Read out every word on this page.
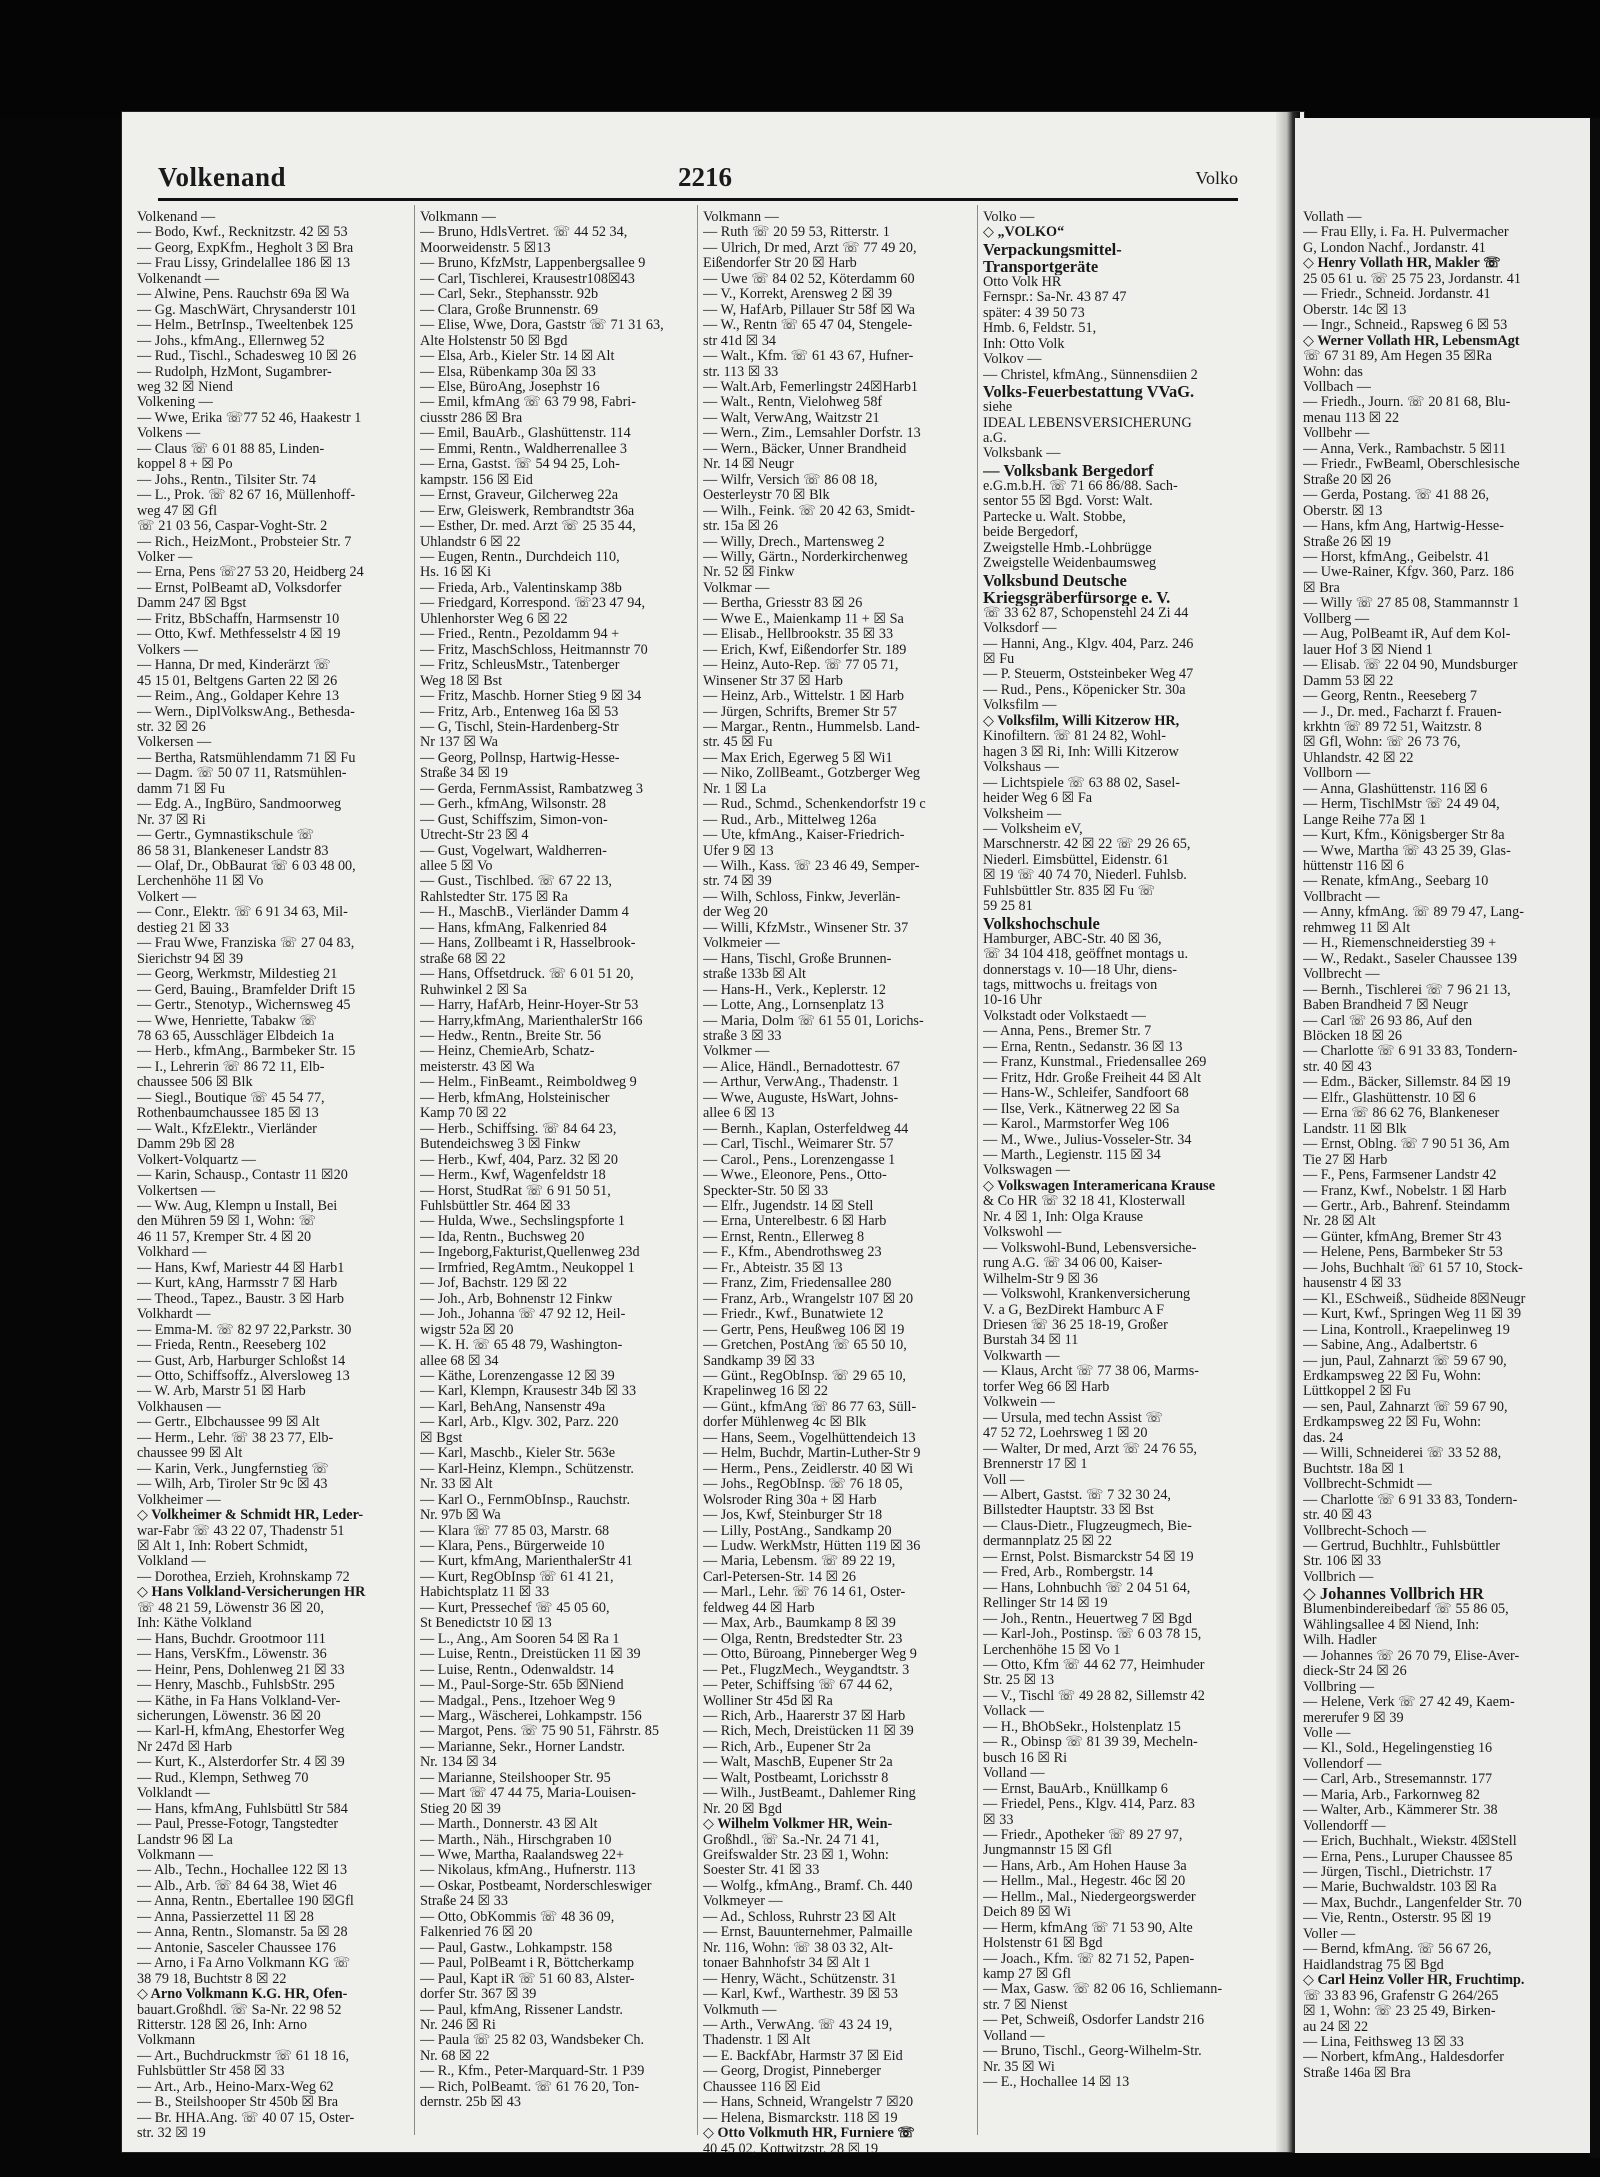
Volkenand	2216	Volko
Volkenand —
— Bodo, Kwf., Recknitzstr. 42 ☒ 53
— Georg, ExpKfm., Hegholt 3 ☒ Bra
— Frau Lissy, Grindelallee 186 ☒ 13
Volkenandt —
— Alwine, Pens. Rauchstr 69a ☒ Wa
— Gg. MaschWärt, Chrysanderstr 101
— Helm., BetrInsp., Tweeltenbek 125
— Johs., kfmAng., Ellernweg 52
— Rud., Tischl., Schadesweg 10 ☒ 26
— Rudolph, HzMont, Sugambrer-
weg 32 ☒ Niend
Volkening —
— Wwe, Erika ☏77 52 46, Haakestr 1
Volkens —
— Claus ☏ 6 01 88 85, Linden-
koppel 8 + ☒ Po
— Johs., Rentn., Tilsiter Str. 74
— L., Prok. ☏ 82 67 16, Müllenhoff-
weg 47 ☒ Gfl
☏ 21 03 56, Caspar-Voght-Str. 2
— Rich., HeizMont., Probsteier Str. 7
Volker —
— Erna, Pens ☏27 53 20, Heidberg 24
— Ernst, PolBeamt aD, Volksdorfer
Damm 247 ☒ Bgst
— Fritz, BbSchaffn, Harmsenstr 10
— Otto, Kwf. Methfesselstr 4 ☒ 19
Volkers —
— Hanna, Dr med, Kinderärzt ☏
45 15 01, Beltgens Garten 22 ☒ 26
— Reim., Ang., Goldaper Kehre 13
— Wern., DiplVolkswAng., Bethesda-
str. 32 ☒ 26
Volkersen —
— Bertha, Ratsmühlendamm 71 ☒ Fu
— Dagm. ☏ 50 07 11, Ratsmühlen-
damm 71 ☒ Fu
— Edg. A., IngBüro, Sandmoorweg
Nr. 37 ☒ Ri
— Gertr., Gymnastikschule ☏
86 58 31, Blankeneser Landstr 83
— Olaf, Dr., ObBaurat ☏ 6 03 48 00,
Lerchenhöhe 11 ☒ Vo
Volkert —
— Conr., Elektr. ☏ 6 91 34 63, Mil-
destieg 21 ☒ 33
— Frau Wwe, Franziska ☏ 27 04 83,
Sierichstr 94 ☒ 39
— Georg, Werkmstr, Mildestieg 21
— Gerd, Bauing., Bramfelder Drift 15
— Gertr., Stenotyp., Wichernsweg 45
— Wwe, Henriette, Tabakw ☏
78 63 65, Ausschläger Elbdeich 1a
— Herb., kfmAng., Barmbeker Str. 15
— I., Lehrerin ☏ 86 72 11, Elb-
chaussee 506 ☒ Blk
— Siegl., Boutique ☏ 45 54 77,
Rothenbaumchaussee 185 ☒ 13
— Walt., KfzElektr., Vierländer
Damm 29b ☒ 28
Volkert-Volquartz —
— Karin, Schausp., Contastr 11 ☒20
Volkertsen —
— Ww. Aug, Klempn u Install, Bei
den Mühren 59 ☒ 1, Wohn: ☏
46 11 57, Kremper Str. 4 ☒ 20
Volkhard —
— Hans, Kwf, Mariestr 44 ☒ Harb1
— Kurt, kAng, Harmsstr 7 ☒ Harb
— Theod., Tapez., Baustr. 3 ☒ Harb
Volkhardt —
— Emma-M. ☏ 82 97 22,Parkstr. 30
— Frieda, Rentn., Reeseberg 102
— Gust, Arb, Harburger Schloßst 14
— Otto, Schiffsoffz., Alversloweg 13
— W. Arb, Marstr 51 ☒ Harb
Volkhausen —
— Gertr., Elbchaussee 99 ☒ Alt
— Herm., Lehr. ☏ 38 23 77, Elb-
chaussee 99 ☒ Alt
— Karin, Verk., Jungfernstieg ☏
— Wilh, Arb, Tiroler Str 9c ☒ 43
Volkheimer —
◇ Volkheimer & Schmidt HR, Leder-
war-Fabr ☏ 43 22 07, Thadenstr 51
☒ Alt 1, Inh: Robert Schmidt,
Volkland —
— Dorothea, Erzieh, Krohnskamp 72
◇ Hans Volkland-Versicherungen HR
☏ 48 21 59, Löwenstr 36 ☒ 20,
Inh: Käthe Volkland
— Hans, Buchdr. Grootmoor 111
— Hans, VersKfm., Löwenstr. 36
— Heinr, Pens, Dohlenweg 21 ☒ 33
— Henry, Maschb., FuhlsbStr. 295
— Käthe, in Fa Hans Volkland-Ver-
sicherungen, Löwenstr. 36 ☒ 20
— Karl-H, kfmAng, Ehestorfer Weg
Nr 247d ☒ Harb
— Kurt, K., Alsterdorfer Str. 4 ☒ 39
— Rud., Klempn, Sethweg 70
Volklandt —
— Hans, kfmAng, Fuhlsbüttl Str 584
— Paul, Presse-Fotogr, Tangstedter
Landstr 96 ☒ La
Volkmann —
— Alb., Techn., Hochallee 122 ☒ 13
— Alb., Arb. ☏ 84 64 38, Wiet 46
— Anna, Rentn., Ebertallee 190 ☒Gfl
— Anna, Passierzettel 11 ☒ 28
— Anna, Rentn., Slomanstr. 5a ☒ 28
— Antonie, Sasceler Chaussee 176
— Arno, i Fa Arno Volkmann KG ☏
38 79 18, Buchtstr 8 ☒ 22
◇ Arno Volkmann K.G. HR, Ofen-
bauart.Großhdl. ☏ Sa-Nr. 22 98 52
Ritterstr. 128 ☒ 26, Inh: Arno
Volkmann
— Art., Buchdruckmstr ☏ 61 18 16,
Fuhlsbüttler Str 458 ☒ 33
— Art., Arb., Heino-Marx-Weg 62
— B., Steilshooper Str 450b ☒ Bra
— Br. HHA.Ang. ☏ 40 07 15, Oster-
str. 32 ☒ 19
Volkmann —
— Bruno, HdlsVertret. ☏ 44 52 34,
Moorweidenstr. 5 ☒13
— Bruno, KfzMstr, Lappenbergsallee 9
— Carl, Tischlerei, Krausestr108☒43
— Carl, Sekr., Stephansstr. 92b
— Clara, Große Brunnenstr. 69
— Elise, Wwe, Dora, Gaststr ☏ 71 31 63,
Alte Holstenstr 50 ☒ Bgd
— Elsa, Arb., Kieler Str. 14 ☒ Alt
— Elsa, Rübenkamp 30a ☒ 33
— Else, BüroAng, Josephstr 16
— Emil, kfmAng ☏ 63 79 98, Fabri-
ciusstr 286 ☒ Bra
— Emil, BauArb., Glashüttenstr. 114
— Emmi, Rentn., Waldherrenallee 3
— Erna, Gastst. ☏ 54 94 25, Loh-
kampstr. 156 ☒ Eid
— Ernst, Graveur, Gilcherweg 22a
— Erw, Gleiswerk, Rembrandtstr 36a
— Esther, Dr. med. Arzt ☏ 25 35 44,
Uhlandstr 6 ☒ 22
— Eugen, Rentn., Durchdeich 110,
Hs. 16 ☒ Ki
— Frieda, Arb., Valentinskamp 38b
— Friedgard, Korrespond. ☏23 47 94,
Uhlenhorster Weg 6 ☒ 22
— Fried., Rentn., Pezoldamm 94 +
— Fritz, MaschSchloss, Heitmannstr 70
— Fritz, SchleusMstr., Tatenberger
Weg 18 ☒ Bst
— Fritz, Maschb. Horner Stieg 9 ☒ 34
— Fritz, Arb., Entenweg 16a ☒ 53
— G, Tischl, Stein-Hardenberg-Str
Nr 137 ☒ Wa
— Georg, Pollnsp, Hartwig-Hesse-
Straße 34 ☒ 19
— Gerda, FernmAssist, Rambatzweg 3
— Gerh., kfmAng, Wilsonstr. 28
— Gust, Schiffszim, Simon-von-
Utrecht-Str 23 ☒ 4
— Gust, Vogelwart, Waldherren-
allee 5 ☒ Vo
— Gust., Tischlbed. ☏ 67 22 13,
Rahlstedter Str. 175 ☒ Ra
— H., MaschB., Vierländer Damm 4
— Hans, kfmAng, Falkenried 84
— Hans, Zollbeamt i R, Hasselbrook-
straße 68 ☒ 22
— Hans, Offsetdruck. ☏ 6 01 51 20,
Ruhwinkel 2 ☒ Sa
— Harry, HafArb, Heinr-Hoyer-Str 53
— Harry,kfmAng, MarienthalerStr 166
— Hedw., Rentn., Breite Str. 56
— Heinz, ChemieArb, Schatz-
meisterstr. 43 ☒ Wa
— Helm., FinBeamt., Reimboldweg 9
— Herb, kfmAng, Holsteinischer
Kamp 70 ☒ 22
— Herb., Schiffsing. ☏ 84 64 23,
Butendeichsweg 3 ☒ Finkw
— Herb., Kwf, 404, Parz. 32 ☒ 20
— Herm., Kwf, Wagenfeldstr 18
— Horst, StudRat ☏ 6 91 50 51,
Fuhlsbüttler Str. 464 ☒ 33
— Hulda, Wwe., Sechslingspforte 1
— Ida, Rentn., Buchsweg 20
— Ingeborg,Fakturist,Quellenweg 23d
— Irmfried, RegAmtm., Neukoppel 1
— Jof, Bachstr. 129 ☒ 22
— Joh., Arb, Bohnenstr 12 Finkw
— Joh., Johanna ☏ 47 92 12, Heil-
wigstr 52a ☒ 20
— K. H. ☏ 65 48 79, Washington-
allee 68 ☒ 34
— Käthe, Lorenzengasse 12 ☒ 39
— Karl, Klempn, Krausestr 34b ☒ 33
— Karl, BehAng, Nansenstr 49a
— Karl, Arb., Klgv. 302, Parz. 220
☒ Bgst
— Karl, Maschb., Kieler Str. 563e
— Karl-Heinz, Klempn., Schützenstr.
Nr. 33 ☒ Alt
— Karl O., FernmObInsp., Rauchstr.
Nr. 97b ☒ Wa
— Klara ☏ 77 85 03, Marstr. 68
— Klara, Pens., Bürgerweide 10
— Kurt, kfmAng, MarienthalerStr 41
— Kurt, RegObInsp ☏ 61 41 21,
Habichtsplatz 11 ☒ 33
— Kurt, Pressechef ☏ 45 05 60,
St Benedictstr 10 ☒ 13
— L., Ang., Am Sooren 54 ☒ Ra 1
— Luise, Rentn., Dreistücken 11 ☒ 39
— Luise, Rentn., Odenwaldstr. 14
— M., Paul-Sorge-Str. 65b ☒Niend
— Madgal., Pens., Itzehoer Weg 9
— Marg., Wäscherei, Lohkampstr. 156
— Margot, Pens. ☏ 75 90 51, Fährstr. 85
— Marianne, Sekr., Horner Landstr.
Nr. 134 ☒ 34
— Marianne, Steilshooper Str. 95
— Mart ☏ 47 44 75, Maria-Louisen-
Stieg 20 ☒ 39
— Marth., Donnerstr. 43 ☒ Alt
— Marth., Näh., Hirschgraben 10
— Wwe, Martha, Raalandsweg 22+
— Nikolaus, kfmAng., Hufnerstr. 113
— Oskar, Postbeamt, Norderschleswiger
Straße 24 ☒ 33
— Otto, ObKommis ☏ 48 36 09,
Falkenried 76 ☒ 20
— Paul, Gastw., Lohkampstr. 158
— Paul, PolBeamt i R, Böttcherkamp
— Paul, Kapt iR ☏ 51 60 83, Alster-
dorfer Str. 367 ☒ 39
— Paul, kfmAng, Rissener Landstr.
Nr. 246 ☒ Ri
— Paula ☏ 25 82 03, Wandsbeker Ch.
Nr. 68 ☒ 22
— R., Kfm., Peter-Marquard-Str. 1 P39
— Rich, PolBeamt. ☏ 61 76 20, Ton-
dernstr. 25b ☒ 43
Volkmann —
— Ruth ☏ 20 59 53, Ritterstr. 1
— Ulrich, Dr med, Arzt ☏ 77 49 20,
Eißendorfer Str 20 ☒ Harb
— Uwe ☏ 84 02 52, Köterdamm 60
— V., Korrekt, Arensweg 2 ☒ 39
— W, HafArb, Pillauer Str 58f ☒ Wa
— W., Rentn ☏ 65 47 04, Stengele-
str 41d ☒ 34
— Walt., Kfm. ☏ 61 43 67, Hufner-
str. 113 ☒ 33
— Walt.Arb, Femerlingstr 24☒Harb1
— Walt., Rentn, Vielohweg 58f
— Walt, VerwAng, Waitzstr 21
— Wern., Zim., Lemsahler Dorfstr. 13
— Wern., Bäcker, Unner Brandheid
Nr. 14 ☒ Neugr
— Wilfr, Versich ☏ 86 08 18,
Oesterleystr 70 ☒ Blk
— Wilh., Feink. ☏ 20 42 63, Smidt-
str. 15a ☒ 26
— Willy, Drech., Martensweg 2
— Willy, Gärtn., Norderkirchenweg
Nr. 52 ☒ Finkw
Volkmar —
— Bertha, Griesstr 83 ☒ 26
— Wwe E., Maienkamp 11 + ☒ Sa
— Elisab., Hellbrookstr. 35 ☒ 33
— Erich, Kwf, Eißendorfer Str. 189
— Heinz, Auto-Rep. ☏ 77 05 71,
Winsener Str 37 ☒ Harb
— Heinz, Arb., Wittelstr. 1 ☒ Harb
— Jürgen, Schrifts, Bremer Str 57
— Margar., Rentn., Hummelsb. Land-
str. 45 ☒ Fu
— Max Erich, Egerweg 5 ☒ Wi1
— Niko, ZollBeamt., Gotzberger Weg
Nr. 1 ☒ La
— Rud., Schmd., Schenkendorfstr 19 c
— Rud., Arb., Mittelweg 126a
— Ute, kfmAng., Kaiser-Friedrich-
Ufer 9 ☒ 13
— Wilh., Kass. ☏ 23 46 49, Semper-
str. 74 ☒ 39
— Wilh, Schloss, Finkw, Jeverlän-
der Weg 20
— Willi, KfzMstr., Winsener Str. 37
Volkmeier —
— Hans, Tischl, Große Brunnen-
straße 133b ☒ Alt
— Hans-H., Verk., Keplerstr. 12
— Lotte, Ang., Lornsenplatz 13
— Maria, Dolm ☏ 61 55 01, Lorichs-
straße 3 ☒ 33
Volkmer —
— Alice, Händl., Bernadottestr. 67
— Arthur, VerwAng., Thadenstr. 1
— Wwe, Auguste, HsWart, Johns-
allee 6 ☒ 13
— Bernh., Kaplan, Osterfeldweg 44
— Carl, Tischl., Weimarer Str. 57
— Carol., Pens., Lorenzengasse 1
— Wwe., Eleonore, Pens., Otto-
Speckter-Str. 50 ☒ 33
— Elfr., Jugendstr. 14 ☒ Stell
— Erna, Unterelbestr. 6 ☒ Harb
— Ernst, Rentn., Ellerweg 8
— F., Kfm., Abendrothsweg 23
— Fr., Abteistr. 35 ☒ 13
— Franz, Zim, Friedensallee 280
— Franz, Arb., Wrangelstr 107 ☒ 20
— Friedr., Kwf., Bunatwiete 12
— Gertr, Pens, Heußweg 106 ☒ 19
— Gretchen, PostAng ☏ 65 50 10,
Sandkamp 39 ☒ 33
— Günt., RegObInsp. ☏ 29 65 10,
Krapelinweg 16 ☒ 22
— Günt., kfmAng ☏ 86 77 63, Süll-
dorfer Mühlenweg 4c ☒ Blk
— Hans, Seem., Vogelhüttendeich 13
— Helm, Buchdr, Martin-Luther-Str 9
— Herm., Pens., Zeidlerstr. 40 ☒ Wi
— Johs., RegObInsp. ☏ 76 18 05,
Wolsroder Ring 30a + ☒ Harb
— Jos, Kwf, Steinburger Str 18
— Lilly, PostAng., Sandkamp 20
— Ludw. WerkMstr, Hütten 119 ☒ 36
— Maria, Lebensm. ☏ 89 22 19,
Carl-Petersen-Str. 14 ☒ 26
— Marl., Lehr. ☏ 76 14 61, Oster-
feldweg 44 ☒ Harb
— Max, Arb., Baumkamp 8 ☒ 39
— Olga, Rentn, Bredstedter Str. 23
— Otto, Büroang, Pinneberger Weg 9
— Pet., FlugzMech., Weygandtstr. 3
— Peter, Schiffsing ☏ 67 44 62,
Wolliner Str 45d ☒ Ra
— Rich, Arb., Haarerstr 37 ☒ Harb
— Rich, Mech, Dreistücken 11 ☒ 39
— Rich, Arb., Eupener Str 2a
— Walt, MaschB, Eupener Str 2a
— Walt, Postbeamt, Lorichsstr 8
— Wilh., JustBeamt., Dahlemer Ring
Nr. 20 ☒ Bgd
◇ Wilhelm Volkmer HR, Wein-
Großhdl., ☏ Sa.-Nr. 24 71 41,
Greifswalder Str. 23 ☒ 1, Wohn:
Soester Str. 41 ☒ 33
— Wolfg., kfmAng., Bramf. Ch. 440
Volkmeyer —
— Ad., Schloss, Ruhrstr 23 ☒ Alt
— Ernst, Bauunternehmer, Palmaille
Nr. 116, Wohn: ☏ 38 03 32, Alt-
tonaer Bahnhofstr 34 ☒ Alt 1
— Henry, Wächt., Schützenstr. 31
— Karl, Kwf., Warthestr. 39 ☒ 53
Volkmuth —
— Arth., VerwAng. ☏ 43 24 19,
Thadenstr. 1 ☒ Alt
— E. BackfAbr, Harmstr 37 ☒ Eid
— Georg, Drogist, Pinneberger
Chaussee 116 ☒ Eid
— Hans, Schneid, Wrangelstr 7 ☒20
— Helena, Bismarckstr. 118 ☒ 19
◇ Otto Volkmuth HR, Furniere ☏
40 45 02, Kottwitzstr. 28 ☒ 19
Volko —
◇ „VOLKO“
Verpackungsmittel-
Transportgeräte
Otto Volk HR
Fernspr.: Sa-Nr. 43 87 47
später: 4 39 50 73
Hmb. 6, Feldstr. 51,
Inh: Otto Volk
Volkov —
— Christel, kfmAng., Sünnensdiien 2
Volks-Feuerbestattung VVaG.
siehe
IDEAL LEBENSVERSICHERUNG
a.G.
Volksbank —
— Volksbank Bergedorf
e.G.m.b.H. ☏ 71 66 86/88. Sach-
sentor 55 ☒ Bgd. Vorst: Walt.
Partecke u. Walt. Stobbe,
beide Bergedorf,
Zweigstelle Hmb.-Lohbrügge
Zweigstelle Weidenbaumsweg
Volksbund Deutsche
Kriegsgräberfürsorge e. V.
☏ 33 62 87, Schopenstehl 24 Zi 44
Volksdorf —
— Hanni, Ang., Klgv. 404, Parz. 246
☒ Fu
— P. Steuerm, Oststeinbeker Weg 47
— Rud., Pens., Köpenicker Str. 30a
Volksfilm —
◇ Volksfilm, Willi Kitzerow HR,
Kinofiltern. ☏ 81 24 82, Wohl-
hagen 3 ☒ Ri, Inh: Willi Kitzerow
Volkshaus —
— Lichtspiele ☏ 63 88 02, Sasel-
heider Weg 6 ☒ Fa
Volksheim —
— Volksheim eV,
Marschnerstr. 42 ☒ 22 ☏ 29 26 65,
Niederl. Eimsbüttel, Eidenstr. 61
☒ 19 ☏ 40 74 70, Niederl. Fuhlsb.
Fuhlsbüttler Str. 835 ☒ Fu ☏
59 25 81
Volkshochschule
Hamburger, ABC-Str. 40 ☒ 36,
☏ 34 104 418, geöffnet montags u.
donnerstags v. 10—18 Uhr, diens-
tags, mittwochs u. freitags von
10-16 Uhr
Volkstadt oder Volkstaedt —
— Anna, Pens., Bremer Str. 7
— Erna, Rentn., Sedanstr. 36 ☒ 13
— Franz, Kunstmal., Friedensallee 269
— Fritz, Hdr. Große Freiheit 44 ☒ Alt
— Hans-W., Schleifer, Sandfoort 68
— Ilse, Verk., Kätnerweg 22 ☒ Sa
— Karol., Marmstorfer Weg 106
— M., Wwe., Julius-Vosseler-Str. 34
— Marth., Legienstr. 115 ☒ 34
Volkswagen —
◇ Volkswagen Interamericana Krause
& Co HR ☏ 32 18 41, Klosterwall
Nr. 4 ☒ 1, Inh: Olga Krause
Volkswohl —
— Volkswohl-Bund, Lebensversiche-
rung A.G. ☏ 34 06 00, Kaiser-
Wilhelm-Str 9 ☒ 36
— Volkswohl, Krankenversicherung
V. a G, BezDirekt Hambuɾc A F
Driesen ☏ 36 25 18-19, Großer
Burstah 34 ☒ 11
Volkwarth —
— Klaus, Archt ☏ 77 38 06, Marms-
torfer Weg 66 ☒ Harb
Volkwein —
— Ursula, med techn Assist ☏
47 52 72, Loehrsweg 1 ☒ 20
— Walter, Dr med, Arzt ☏ 24 76 55,
Brennerstr 17 ☒ 1
Voll —
— Albert, Gastst. ☏ 7 32 30 24,
Billstedter Hauptstr. 33 ☒ Bst
— Claus-Dietr., Flugzeugmech, Bie-
dermannplatz 25 ☒ 22
— Ernst, Polst. Bismarckstr 54 ☒ 19
— Fred, Arb., Rombergstr. 14
— Hans, Lohnbuchh ☏ 2 04 51 64,
Rellinger Str 14 ☒ 19
— Joh., Rentn., Heuertweg 7 ☒ Bgd
— Karl-Joh., Postinsp. ☏ 6 03 78 15,
Lerchenhöhe 15 ☒ Vo 1
— Otto, Kfm ☏ 44 62 77, Heimhuder
Str. 25 ☒ 13
— V., Tischl ☏ 49 28 82, Sillemstr 42
Vollack —
— H., BhObSekr., Holstenplatz 15
— R., Obinsp ☏ 81 39 39, Mecheln-
busch 16 ☒ Ri
Volland —
— Ernst, BauArb., Knüllkamp 6
— Friedel, Pens., Klgv. 414, Parz. 83
☒ 33
— Friedr., Apotheker ☏ 89 27 97,
Jungmannstr 15 ☒ Gfl
— Hans, Arb., Am Hohen Hause 3a
— Hellm., Mal., Hegestr. 46c ☒ 20
— Hellm., Mal., Niedergeorgswerder
Deich 89 ☒ Wi
— Herm, kfmAng ☏ 71 53 90, Alte
Holstenstr 61 ☒ Bgd
— Joach., Kfm. ☏ 82 71 52, Papen-
kamp 27 ☒ Gfl
— Max, Gasw. ☏ 82 06 16, Schliemann-
str. 7 ☒ Nienst
— Pet, Schweiß, Osdorfer Landstr 216
Volland —
— Bruno, Tischl., Georg-Wilhelm-Str.
Nr. 35 ☒ Wi
— E., Hochallee 14 ☒ 13
Vollath —
— Frau Elly, i. Fa. H. Pulvermacher
G, London Nachf., Jordanstr. 41
◇ Henry Vollath HR, Makler ☏
25 05 61 u. ☏ 25 75 23, Jordanstr. 41
— Friedr., Schneid. Jordanstr. 41
Oberstr. 14c ☒ 13
— Ingr., Schneid., Rapsweg 6 ☒ 53
◇ Werner Vollath HR, LebensmAgt
☏ 67 31 89, Am Hegen 35 ☒Ra
Wohn: das
Vollbach —
— Friedh., Journ. ☏ 20 81 68, Blu-
menau 113 ☒ 22
Vollbehr —
— Anna, Verk., Rambachstr. 5 ☒11
— Friedr., FwBeaml, Oberschlesische
Straße 20 ☒ 26
— Gerda, Postang. ☏ 41 88 26,
Oberstr. ☒ 13
— Hans, kfm Ang, Hartwig-Hesse-
Straße 26 ☒ 19
— Horst, kfmAng., Geibelstr. 41
— Uwe-Rainer, Kfgv. 360, Parz. 186
☒ Bra
— Willy ☏ 27 85 08, Stammannstr 1
Vollberg —
— Aug, PolBeamt iR, Auf dem Kol-
lauer Hof 3 ☒ Niend 1
— Elisab. ☏ 22 04 90, Mundsburger
Damm 53 ☒ 22
— Georg, Rentn., Reeseberg 7
— J., Dr. med., Facharzt f. Frauen-
krkhtn ☏ 89 72 51, Waitzstr. 8
☒ Gfl, Wohn: ☏ 26 73 76,
Uhlandstr. 42 ☒ 22
Vollborn —
— Anna, Glashüttenstr. 116 ☒ 6
— Herm, TischlMstr ☏ 24 49 04,
Lange Reihe 77a ☒ 1
— Kurt, Kfm., Königsberger Str 8a
— Wwe, Martha ☏ 43 25 39, Glas-
hüttenstr 116 ☒ 6
— Renate, kfmAng., Seebarg 10
Vollbracht —
— Anny, kfmAng. ☏ 89 79 47, Lang-
rehmweg 11 ☒ Alt
— H., Riemenschneiderstieg 39 +
— W., Redakt., Saseler Chaussee 139
Vollbrecht —
— Bernh., Tischlerei ☏ 7 96 21 13,
Baben Brandheid 7 ☒ Neugr
— Carl ☏ 26 93 86, Auf den
Blöcken 18 ☒ 26
— Charlotte ☏ 6 91 33 83, Tondern-
str. 40 ☒ 43
— Edm., Bäcker, Sillemstr. 84 ☒ 19
— Elfr., Glashüttenstr. 10 ☒ 6
— Erna ☏ 86 62 76, Blankeneser
Landstr. 11 ☒ Blk
— Ernst, Oblng. ☏ 7 90 51 36, Am
Tie 27 ☒ Harb
— F., Pens, Farmsener Landstr 42
— Franz, Kwf., Nobelstr. 1 ☒ Harb
— Gertr., Arb., Bahrenf. Steindamm
Nr. 28 ☒ Alt
— Günter, kfmAng, Bremer Str 43
— Helene, Pens, Barmbeker Str 53
— Johs, Buchhalt ☏ 61 57 10, Stock-
hausenstr 4 ☒ 33
— Kl., ESchweiß., Südheide 8☒Neugr
— Kurt, Kwf., Springen Weg 11 ☒ 39
— Lina, Kontroll., Kraepelinweg 19
— Sabine, Ang., Adalbertstr. 6
— jun, Paul, Zahnarzt ☏ 59 67 90,
Erdkampsweg 22 ☒ Fu, Wohn:
Lüttkoppel 2 ☒ Fu
— sen, Paul, Zahnarzt ☏ 59 67 90,
Erdkampsweg 22 ☒ Fu, Wohn:
das. 24
— Willi, Schneiderei ☏ 33 52 88,
Buchtstr. 18a ☒ 1
Vollbrecht-Schmidt —
— Charlotte ☏ 6 91 33 83, Tondern-
str. 40 ☒ 43
Vollbrecht-Schoch —
— Gertrud, Buchhltr., Fuhlsbüttler
Str. 106 ☒ 33
Vollbrich —
◇ Johannes Vollbrich HR
Blumenbindereibedarf ☏ 55 86 05,
Wählingsallee 4 ☒ Niend, Inh:
Wilh. Hadler
— Johannes ☏ 26 70 79, Elise-Aver-
dieck-Str 24 ☒ 26
Vollbring —
— Helene, Verk ☏ 27 42 49, Kaem-
mererufer 9 ☒ 39
Volle —
— Kl., Sold., Hegelingenstieg 16
Vollendorf —
— Carl, Arb., Stresemannstr. 177
— Maria, Arb., Farkornweg 82
— Walter, Arb., Kämmerer Str. 38
Vollendorff —
— Erich, Buchhalt., Wiekstr. 4☒Stell
— Erna, Pens., Luruper Chaussee 85
— Jürgen, Tischl., Dietrichstr. 17
— Marie, Buchwaldstr. 103 ☒ Ra
— Max, Buchdr., Langenfelder Str. 70
— Vie, Rentn., Osterstr. 95 ☒ 19
Voller —
— Bernd, kfmAng. ☏ 56 67 26,
Haidlandstrag 75 ☒ Bgd
◇ Carl Heinz Voller HR, Fruchtimp.
☏ 33 83 96, Grafenstr G 264/265
☒ 1, Wohn: ☏ 23 25 49, Birken-
au 24 ☒ 22
— Lina, Feithsweg 13 ☒ 33
— Norbert, kfmAng., Haldesdorfer
Straße 146a ☒ Bra
